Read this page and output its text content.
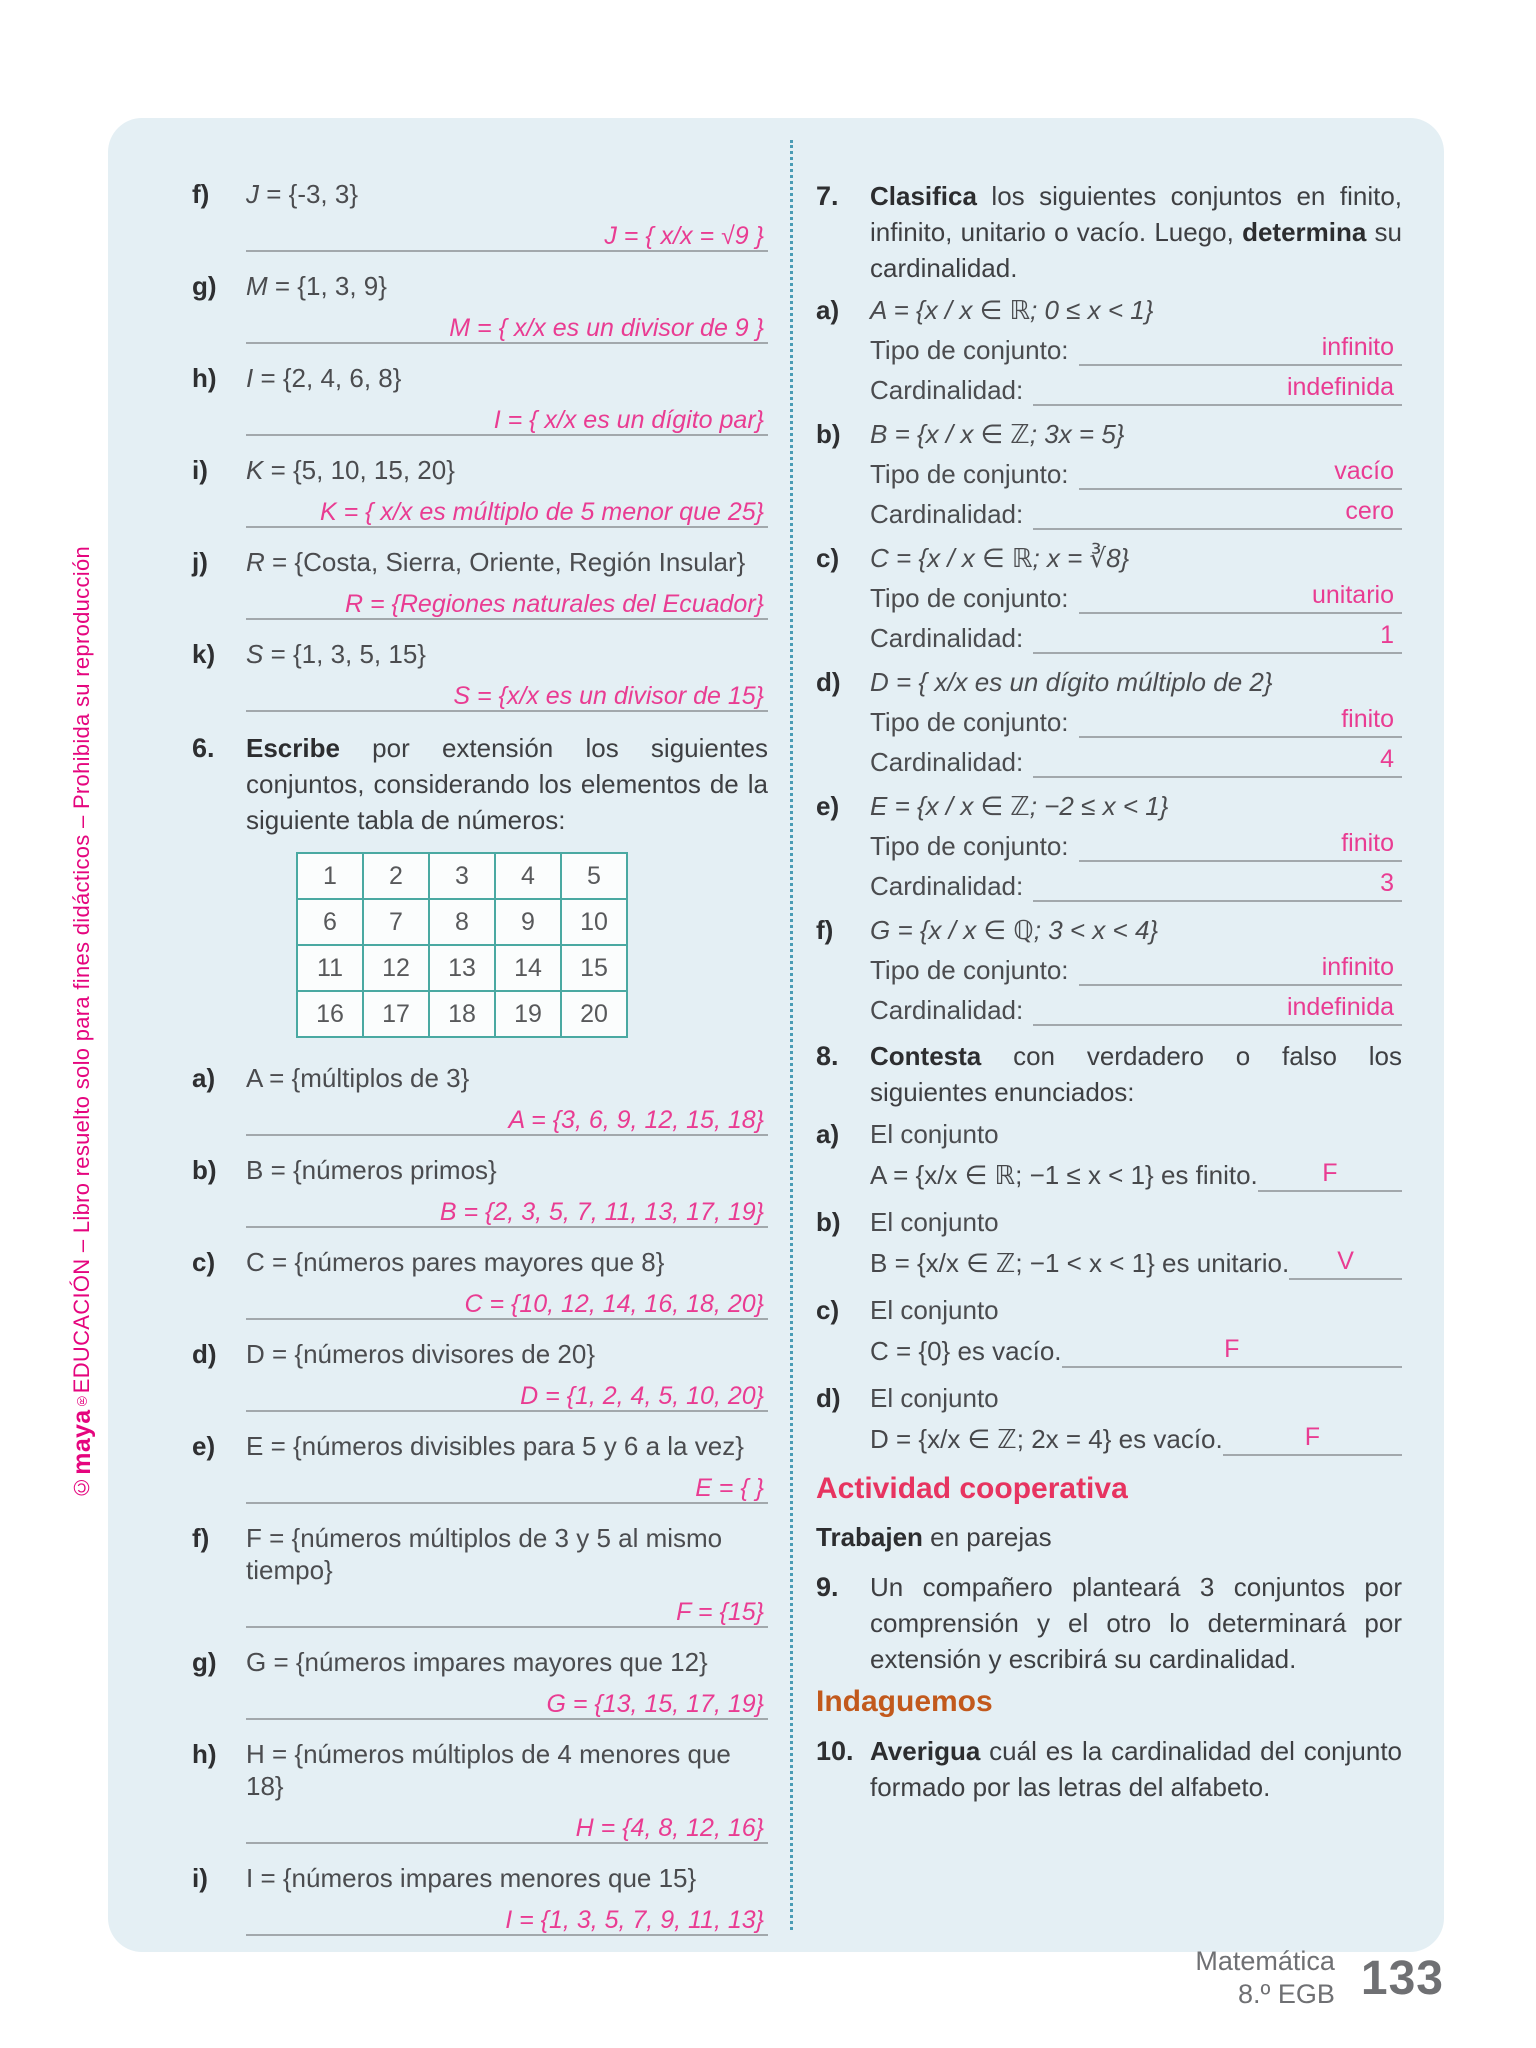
©maya®EDUCACIÓN – Libro resuelto solo para fines didácticos – Prohibida su reproducción
f)	J = {-3, 3}
J = { x/x = √9 }
g)	M = {1, 3, 9}
M = { x/x es un divisor de 9 }
h)	I = {2, 4, 6, 8}
I = { x/x es un dígito par}
i)	K = {5, 10, 15, 20}
K = { x/x es múltiplo de 5 menor que 25}
j)	R = {Costa, Sierra, Oriente, Región Insular}
R = {Regiones naturales del Ecuador}
k)	S = {1, 3, 5, 15}
S = {x/x es un divisor de 15}
6.	Escribe por extensión los siguientes conjuntos, considerando los elementos de la siguiente tabla de números:

1	2	3	4	5
6	7	8	9	10
11	12	13	14	15
16	17	18	19	20
a)	A = {múltiplos de 3}
A = {3, 6, 9, 12, 15, 18}
b)	B = {números primos}
B = {2, 3, 5, 7, 11, 13, 17, 19}
c)	C = {números pares mayores que 8}
C = {10, 12, 14, 16, 18, 20}
d)	D = {números divisores de 20}
D = {1, 2, 4, 5, 10, 20}
e)	E = {números divisibles para 5 y 6 a la vez}
E = { }
f)	F = {números múltiplos de 3 y 5 al mismo tiempo}
F = {15}
g)	G = {números impares mayores que 12}
G = {13, 15, 17, 19}
h)	H = {números múltiplos de 4 menores que 18}
H = {4, 8, 12, 16}
i)	I = {números impares menores que 15}
I = {1, 3, 5, 7, 9, 11, 13}
7.	Clasifica los siguientes conjuntos en finito, infinito, unitario o vacío. Luego, determina su cardinalidad.

a)	A = {x / x ∈ ℝ; 0 ≤ x < 1}
Tipo de conjunto:	infinito
Cardinalidad:	indefinida
b)	B = {x / x ∈ ℤ; 3x = 5}
Tipo de conjunto:	vacío
Cardinalidad:	cero
c)	C = {x / x ∈ ℝ; x = ∛8}
Tipo de conjunto:	unitario
Cardinalidad:	1
d)	D = { x/x es un dígito múltiplo de 2}
Tipo de conjunto:	finito
Cardinalidad:	4
e)	E = {x / x ∈ ℤ; −2 ≤ x < 1}
Tipo de conjunto:	finito
Cardinalidad:	3
f)	G = {x / x ∈ ℚ; 3 < x < 4}
Tipo de conjunto:	infinito
Cardinalidad:	indefinida
8.	Contesta con verdadero o falso los siguientes enunciados:

a)	El conjunto
A = {x/x ∈ ℝ; −1 ≤ x < 1} es finito.	F
b)	El conjunto
B = {x/x ∈ ℤ; −1 < x < 1} es unitario.	V
c)	El conjunto
C = {0} es vacío.	F
d)	El conjunto
D = {x/x ∈ ℤ; 2x = 4} es vacío.	F
Actividad cooperativa
Trabajen en parejas
9.	Un compañero planteará 3 conjuntos por comprensión y el otro lo determinará por extensión y escribirá su cardinalidad.

Indaguemos
10. Averigua cuál es la cardinalidad del conjunto formado por las letras del alfabeto.

Matemática
8.º EGB 133
